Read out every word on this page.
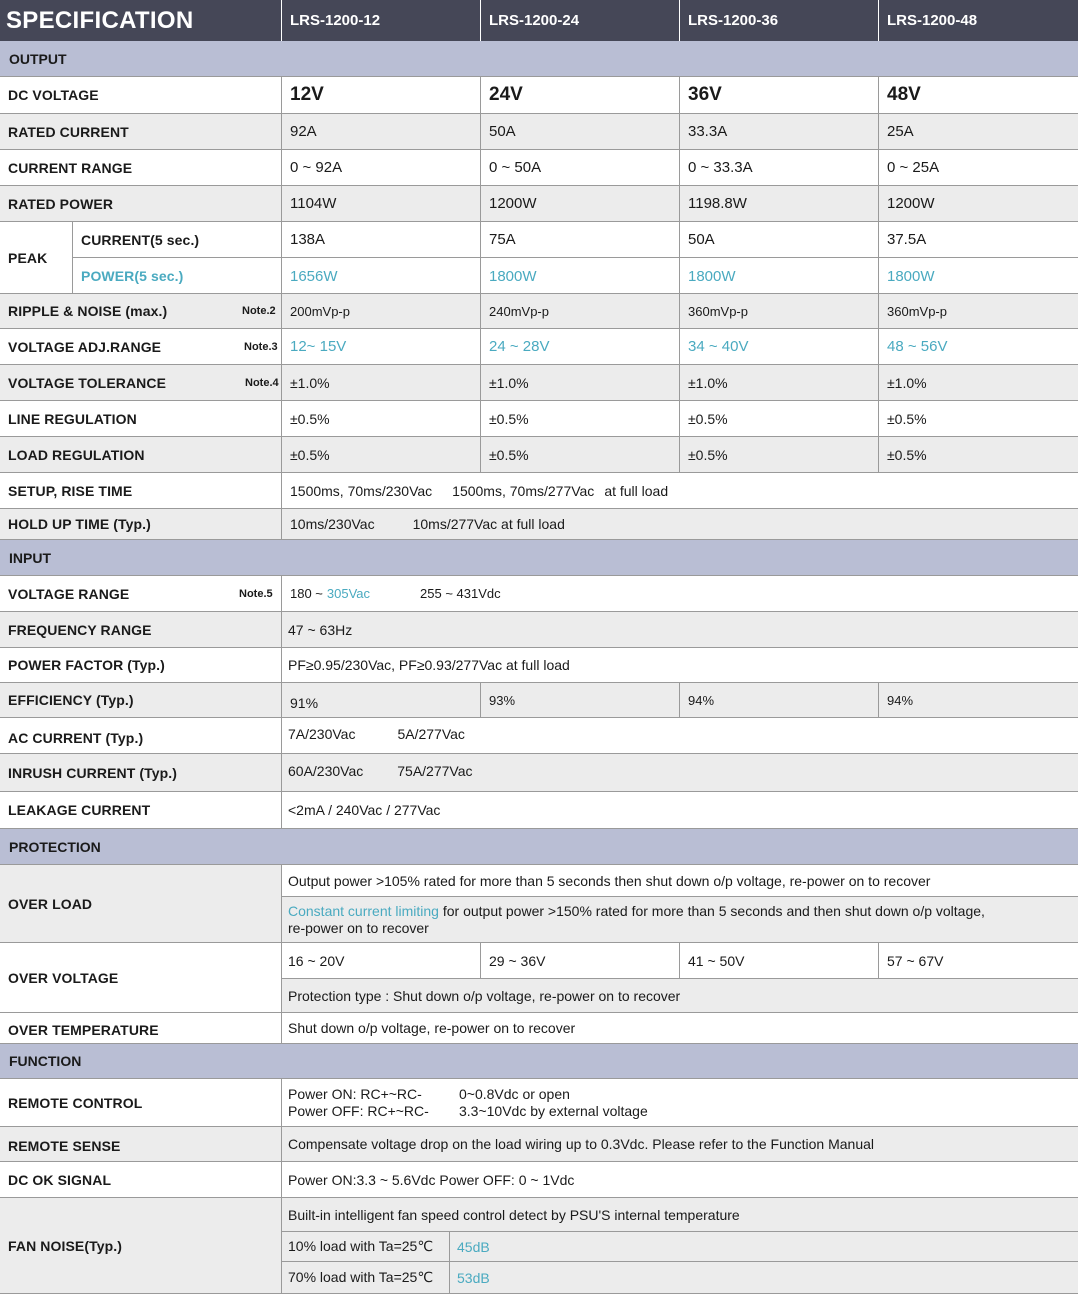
SPECIFICATION	LRS-1200-12	LRS-1200-24	LRS-1200-36	LRS-1200-48
OUTPUT
DC VOLTAGE	12V	24V	36V	48V
RATED CURRENT	92A	50A	33.3A	25A
CURRENT RANGE	0 ~ 92A	0 ~ 50A	0 ~ 33.3A	0 ~ 25A
RATED POWER	1104W	1200W	1198.8W	1200W
PEAK
CURRENT(5 sec.)	138A	75A	50A	37.5A
POWER(5 sec.)	1656W	1800W	1800W	1800W
RIPPLE & NOISE (max.)	Note.2	200mVp-p	240mVp-p	360mVp-p	360mVp-p
VOLTAGE ADJ.RANGE	Note.3 12~ 15V	24 ~ 28V	34 ~ 40V	48 ~ 56V
VOLTAGE TOLERANCE	Note.4 ±1.0%	±1.0%	±1.0%	±1.0%
LINE REGULATION	±0.5%	±0.5%	±0.5%	±0.5%
LOAD REGULATION	±0.5%	±0.5%	±0.5%	±0.5%
SETUP, RISE TIME	1500ms, 70ms/230Vac 1500ms, 70ms/277Vac at full load
HOLD UP TIME (Typ.)	10ms/230Vac	10ms/277Vac at full load
INPUT
VOLTAGE RANGE	Note.5 180 ~ 305Vac	255 ~ 431Vdc
FREQUENCY RANGE	47 ~ 63Hz
POWER FACTOR (Typ.)	PF≥0.95/230Vac, PF≥0.93/277Vac at full load
EFFICIENCY (Typ.)	91%	93%	94%	94%
AC CURRENT (Typ.)	7A/230Vac	5A/277Vac
INRUSH CURRENT (Typ.)	60A/230Vac 75A/277Vac
LEAKAGE CURRENT	<2mA / 240Vac / 277Vac
PROTECTION
OVER LOAD
Output power >105% rated for more than 5 seconds then shut down o/p voltage, re-power on to recover
Constant current limiting for output power >150% rated for more than 5 seconds and then shut down o/p voltage,
re-power on to recover
OVER VOLTAGE
16 ~ 20V	29 ~ 36V	41 ~ 50V	57 ~ 67V
Protection type : Shut down o/p voltage, re-power on to recover
OVER TEMPERATURE	Shut down o/p voltage, re-power on to recover
FUNCTION
REMOTE CONTROL
Power ON: RC+~RC-	0~0.8Vdc or open
Power OFF: RC+~RC- 3.3~10Vdc by external voltage
REMOTE SENSE	Compensate voltage drop on the load wiring up to 0.3Vdc. Please refer to the Function Manual
DC OK SIGNAL	Power ON:3.3 ~ 5.6Vdc Power OFF: 0 ~ 1Vdc
FAN NOISE(Typ.)
Built-in intelligent fan speed control detect by PSU'S internal temperature
10% load with Ta=25℃	45dB
70% load with Ta=25℃	53dB
